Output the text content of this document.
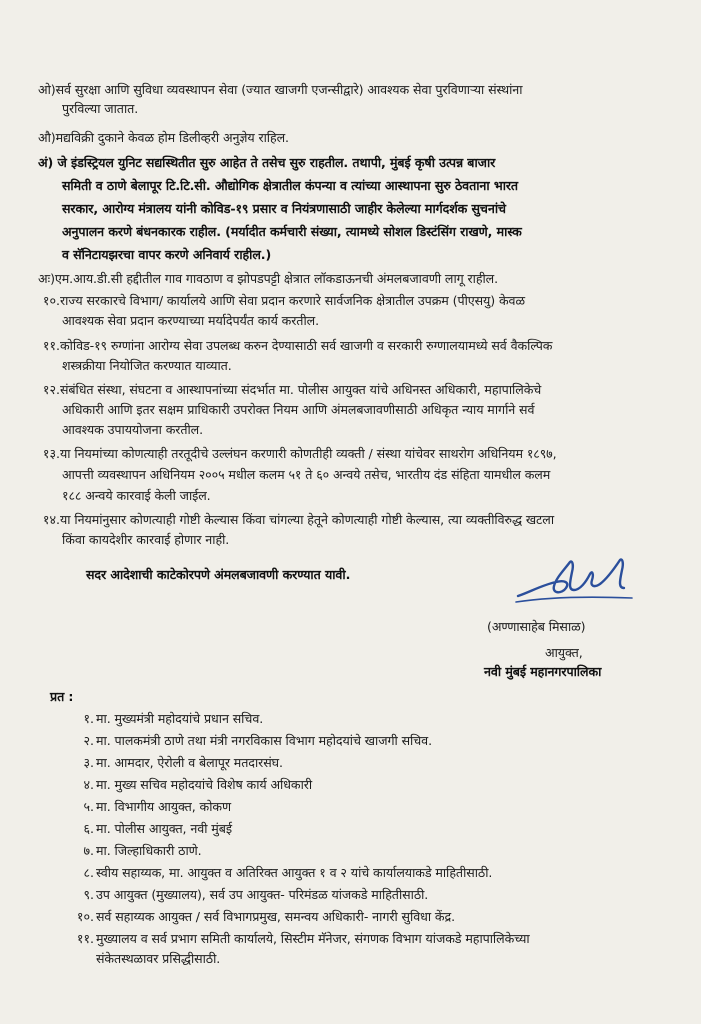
ओ)सर्व सुरक्षा आणि सुविधा व्यवस्थापन सेवा (ज्यात खाजगी एजन्सीद्वारे) आवश्यक सेवा पुरविणाऱ्या संस्थांना
पुरविल्या जातात.
औ)मद्यविक्री दुकाने केवळ होम डिलीव्हरी अनुज्ञेय राहिल.
अं) जे इंडस्ट्रियल युनिट सद्यस्थितीत सुरु आहेत ते तसेच सुरु राहतील. तथापी, मुंबई कृषी उत्पन्न बाजार
समिती व ठाणे बेलापूर टि.टि.सी. औद्योगिक क्षेत्रातील कंपन्या व त्यांच्या आस्थापना सुरु ठेवताना भारत
सरकार, आरोग्य मंत्रालय यांनी कोविड-१९ प्रसार व नियंत्रणासाठी जाहीर केलेल्या मार्गदर्शक सुचनांचे
अनुपालन करणे बंधनकारक राहील. (मर्यादीत कर्मचारी संख्या, त्यामध्ये सोशल डिस्टंसिंग राखणे, मास्क
व सॅनिटायझरचा वापर करणे अनिवार्य राहील.)
अः)एम.आय.डी.सी हद्दीतील गाव गावठाण व झोपडपट्टी क्षेत्रात लॉकडाऊनची अंमलबजावणी लागू राहील.
१०. राज्य सरकारचे विभाग/ कार्यालये आणि सेवा प्रदान करणारे सार्वजनिक क्षेत्रातील उपक्रम (पीएसयु) केवळ
आवश्यक सेवा प्रदान करण्याच्या मर्यादेपर्यंत कार्य करतील.
११. कोविड-१९ रुग्णांना आरोग्य सेवा उपलब्ध करुन देण्यासाठी सर्व खाजगी व सरकारी रुग्णालयामध्ये सर्व वैकल्पिक
शस्त्रक्रीया नियोजित करण्यात याव्यात.
१२. संबंधित संस्था, संघटना व आस्थापनांच्या संदर्भात मा. पोलीस आयुक्त यांचे अधिनस्त अधिकारी, महापालिकेचे
अधिकारी आणि इतर सक्षम प्राधिकारी उपरोक्त नियम आणि अंमलबजावणीसाठी अधिकृत न्याय मार्गाने सर्व
आवश्यक उपाययोजना करतील.
१३. या नियमांच्या कोणत्याही तरतूदीचे उल्लंघन करणारी कोणतीही व्यक्ती / संस्था यांचेवर साथरोग अधिनियम १८९७,
आपत्ती व्यवस्थापन अधिनियम २००५ मधील कलम ५१ ते ६० अन्वये तसेच, भारतीय दंड संहिता यामधील कलम
१८८ अन्वये कारवाई केली जाईल.
१४. या नियमांनुसार कोणत्याही गोष्टी केल्यास किंवा चांगल्या हेतूने कोणत्याही गोष्टी केल्यास, त्या व्यक्तीविरुद्ध खटला
किंवा कायदेशीर कारवाई होणार नाही.
सदर आदेशाची काटेकोरपणे अंमलबजावणी करण्यात यावी.
(अण्णासाहेब मिसाळ)
आयुक्त,
नवी मुंबई महानगरपालिका
प्रत :
१. मा. मुख्यमंत्री महोदयांचे प्रधान सचिव.
२. मा. पालकमंत्री ठाणे तथा मंत्री नगरविकास विभाग महोदयांचे खाजगी सचिव.
३. मा. आमदार, ऐरोली व बेलापूर मतदारसंघ.
४. मा. मुख्य सचिव महोदयांचे विशेष कार्य अधिकारी
५. मा. विभागीय आयुक्त, कोकण
६. मा. पोलीस आयुक्त, नवी मुंबई
७. मा. जिल्हाधिकारी ठाणे.
८. स्वीय सहाय्यक, मा. आयुक्त व अतिरिक्त आयुक्त १ व २ यांचे कार्यालयाकडे माहितीसाठी.
९. उप आयुक्त (मुख्यालय), सर्व उप आयुक्त- परिमंडळ यांजकडे माहितीसाठी.
१०. सर्व सहाय्यक आयुक्त / सर्व विभागप्रमुख, समन्वय अधिकारी- नागरी सुविधा केंद्र.
११. मुख्यालय व सर्व प्रभाग समिती कार्यालये, सिस्टीम मॅनेजर, संगणक विभाग यांजकडे महापालिकेच्या
संकेतस्थळावर प्रसिद्धीसाठी.
